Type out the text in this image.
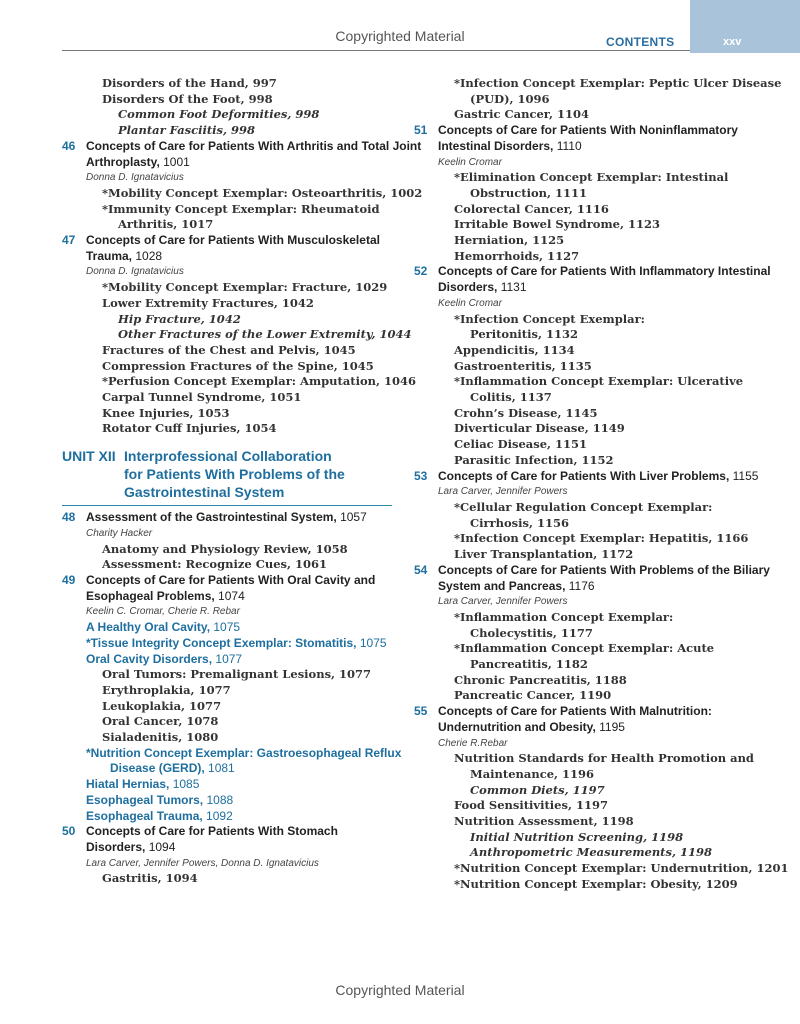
Copyrighted Material	CONTENTS	xxv
Disorders of the Hand, 997
Disorders Of the Foot, 998
Common Foot Deformities, 998
Plantar Fasciitis, 998
46 Concepts of Care for Patients With Arthritis and Total Joint
Arthroplasty, 1001
Donna D. Ignatavicius
*Mobility Concept Exemplar: Osteoarthritis, 1002
*Immunity Concept Exemplar: Rheumatoid
Arthritis, 1017
47 Concepts of Care for Patients With Musculoskeletal
Trauma, 1028
Donna D. Ignatavicius
*Mobility Concept Exemplar: Fracture, 1029
Lower Extremity Fractures, 1042
Hip Fracture, 1042
Other Fractures of the Lower Extremity, 1044
Fractures of the Chest and Pelvis, 1045
Compression Fractures of the Spine, 1045
*Perfusion Concept Exemplar: Amputation, 1046
Carpal Tunnel Syndrome, 1051
Knee Injuries, 1053
Rotator Cuff Injuries, 1054
UNIT XII Interprofessional Collaboration
for Patients With Problems of the
Gastrointestinal System
48 Assessment of the Gastrointestinal System, 1057
Charity Hacker
Anatomy and Physiology Review, 1058
Assessment: Recognize Cues, 1061
49 Concepts of Care for Patients With Oral Cavity and
Esophageal Problems, 1074
Keelin C. Cromar, Cherie R. Rebar
A Healthy Oral Cavity, 1075
*Tissue Integrity Concept Exemplar: Stomatitis, 1075
Oral Cavity Disorders, 1077
Oral Tumors: Premalignant Lesions, 1077
Erythroplakia, 1077
Leukoplakia, 1077
Oral Cancer, 1078
Sialadenitis, 1080
*Nutrition Concept Exemplar: Gastroesophageal Reflux
Disease (GERD), 1081
Hiatal Hernias, 1085
Esophageal Tumors, 1088
Esophageal Trauma, 1092
50 Concepts of Care for Patients With Stomach
Disorders, 1094
Lara Carver, Jennifer Powers, Donna D. Ignatavicius
Gastritis, 1094
*Infection Concept Exemplar: Peptic Ulcer Disease
(PUD), 1096
Gastric Cancer, 1104
51 Concepts of Care for Patients With Noninflammatory
Intestinal Disorders, 1110
Keelin Cromar
*Elimination Concept Exemplar: Intestinal
Obstruction, 1111
Colorectal Cancer, 1116
Irritable Bowel Syndrome, 1123
Herniation, 1125
Hemorrhoids, 1127
52 Concepts of Care for Patients With Inflammatory Intestinal
Disorders, 1131
Keelin Cromar
*Infection Concept Exemplar:
Peritonitis, 1132
Appendicitis, 1134
Gastroenteritis, 1135
*Inflammation Concept Exemplar: Ulcerative
Colitis, 1137
Crohn’s Disease, 1145
Diverticular Disease, 1149
Celiac Disease, 1151
Parasitic Infection, 1152
53 Concepts of Care for Patients With Liver Problems, 1155
Lara Carver, Jennifer Powers
*Cellular Regulation Concept Exemplar:
Cirrhosis, 1156
*Infection Concept Exemplar: Hepatitis, 1166
Liver Transplantation, 1172
54 Concepts of Care for Patients With Problems of the Biliary
System and Pancreas, 1176
Lara Carver, Jennifer Powers
*Inflammation Concept Exemplar:
Cholecystitis, 1177
*Inflammation Concept Exemplar: Acute
Pancreatitis, 1182
Chronic Pancreatitis, 1188
Pancreatic Cancer, 1190
55 Concepts of Care for Patients With Malnutrition:
Undernutrition and Obesity, 1195
Cherie R.Rebar
Nutrition Standards for Health Promotion and
Maintenance, 1196
Common Diets, 1197
Food Sensitivities, 1197
Nutrition Assessment, 1198
Initial Nutrition Screening, 1198
Anthropometric Measurements, 1198
*Nutrition Concept Exemplar: Undernutrition, 1201
*Nutrition Concept Exemplar: Obesity, 1209
Copyrighted Material
